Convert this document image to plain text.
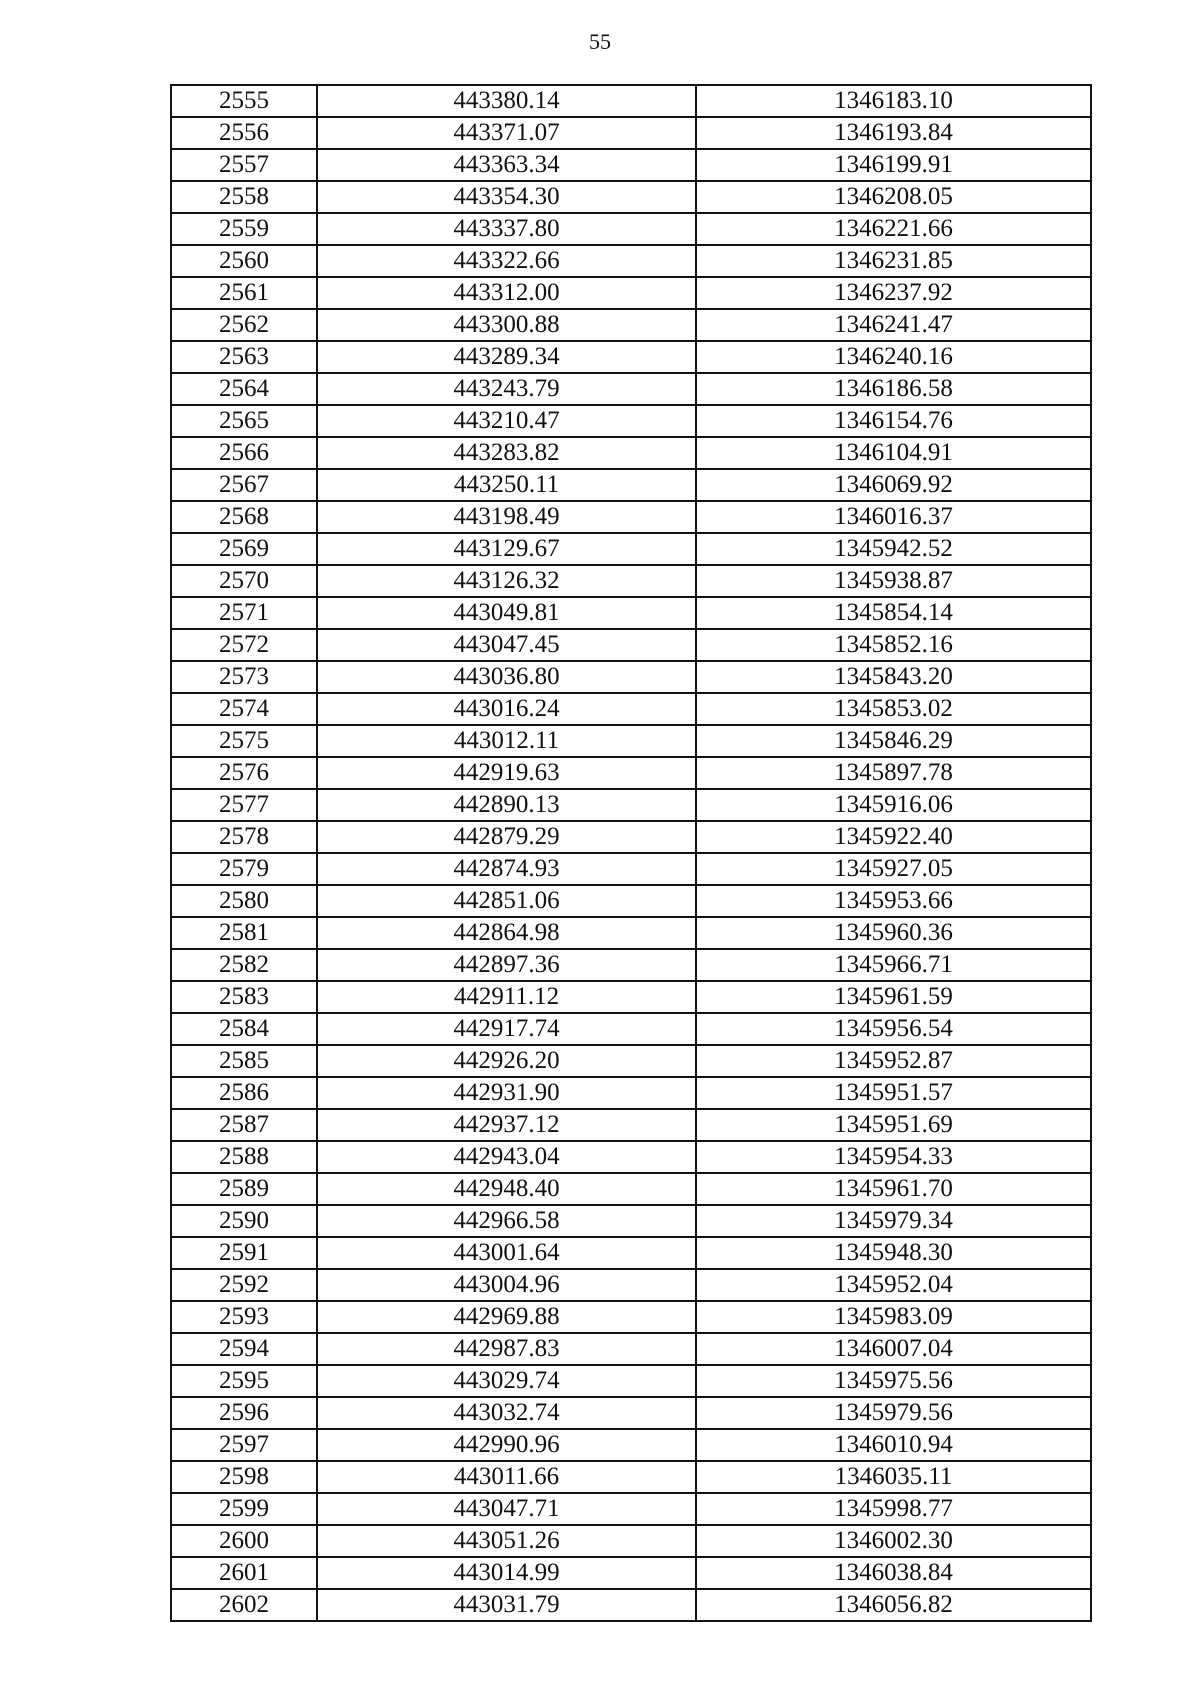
55
2555	443380.14	1346183.10
2556	443371.07	1346193.84
2557	443363.34	1346199.91
2558	443354.30	1346208.05
2559	443337.80	1346221.66
2560	443322.66	1346231.85
2561	443312.00	1346237.92
2562	443300.88	1346241.47
2563	443289.34	1346240.16
2564	443243.79	1346186.58
2565	443210.47	1346154.76
2566	443283.82	1346104.91
2567	443250.11	1346069.92
2568	443198.49	1346016.37
2569	443129.67	1345942.52
2570	443126.32	1345938.87
2571	443049.81	1345854.14
2572	443047.45	1345852.16
2573	443036.80	1345843.20
2574	443016.24	1345853.02
2575	443012.11	1345846.29
2576	442919.63	1345897.78
2577	442890.13	1345916.06
2578	442879.29	1345922.40
2579	442874.93	1345927.05
2580	442851.06	1345953.66
2581	442864.98	1345960.36
2582	442897.36	1345966.71
2583	442911.12	1345961.59
2584	442917.74	1345956.54
2585	442926.20	1345952.87
2586	442931.90	1345951.57
2587	442937.12	1345951.69
2588	442943.04	1345954.33
2589	442948.40	1345961.70
2590	442966.58	1345979.34
2591	443001.64	1345948.30
2592	443004.96	1345952.04
2593	442969.88	1345983.09
2594	442987.83	1346007.04
2595	443029.74	1345975.56
2596	443032.74	1345979.56
2597	442990.96	1346010.94
2598	443011.66	1346035.11
2599	443047.71	1345998.77
2600	443051.26	1346002.30
2601	443014.99	1346038.84
2602	443031.79	1346056.82
